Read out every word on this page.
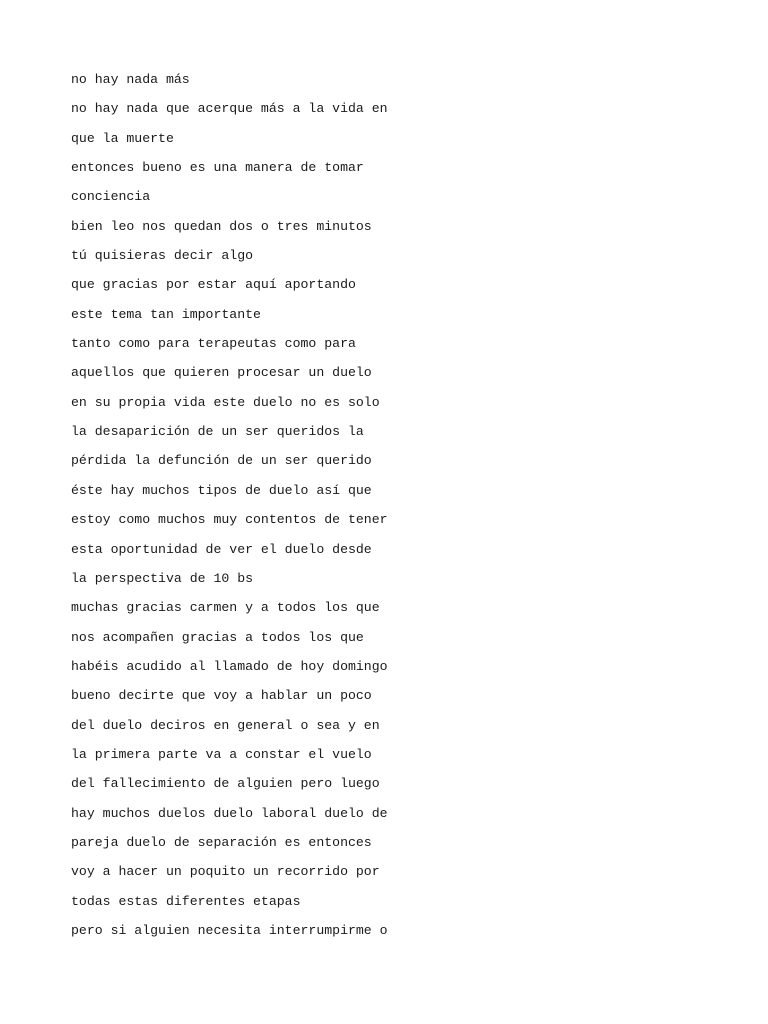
no hay nada más
no hay nada que acerque más a la vida en
que la muerte
entonces bueno es una manera de tomar
conciencia
bien leo nos quedan dos o tres minutos
tú quisieras decir algo
que gracias por estar aquí aportando
este tema tan importante
tanto como para terapeutas como para
aquellos que quieren procesar un duelo
en su propia vida este duelo no es solo
la desaparición de un ser queridos la
pérdida la defunción de un ser querido
éste hay muchos tipos de duelo así que
estoy como muchos muy contentos de tener
esta oportunidad de ver el duelo desde
la perspectiva de 10 bs
muchas gracias carmen y a todos los que
nos acompañen gracias a todos los que
habéis acudido al llamado de hoy domingo
bueno decirte que voy a hablar un poco
del duelo deciros en general o sea y en
la primera parte va a constar el vuelo
del fallecimiento de alguien pero luego
hay muchos duelos duelo laboral duelo de
pareja duelo de separación es entonces
voy a hacer un poquito un recorrido por
todas estas diferentes etapas
pero si alguien necesita interrumpirme o
